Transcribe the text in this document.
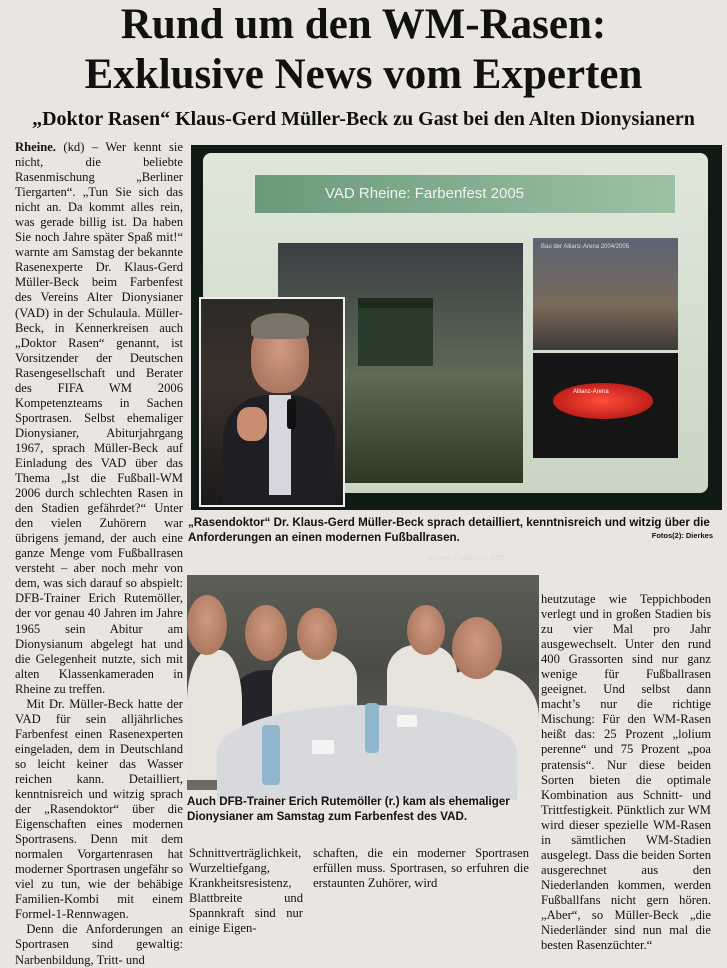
Rund um den WM-Rasen:
Exklusive News vom Experten
„Doktor Rasen“ Klaus-Gerd Müller-Beck zu Gast bei den Alten Dionysianern

Rheine. (kd) – Wer kennt sie nicht, die beliebte Rasenmischung „Berliner Tiergarten“. „Tun Sie sich das nicht an. Da kommt alles rein, was gerade billig ist. Da haben Sie noch Jahre später Spaß mit!“ warnte am Samstag der bekannte Rasenexperte Dr. Klaus-Gerd Müller-Beck beim Farbenfest des Vereins Alter Dionysianer (VAD) in der Schulaula. Müller-Beck, in Kennerkreisen auch „Doktor Rasen“ genannt, ist Vorsitzender der Deutschen Rasengesellschaft und Berater des FIFA WM 2006 Kompetenzteams in Sachen Sportrasen. Selbst ehemaliger Dionysianer, Abiturjahrgang 1967, sprach Müller-Beck auf Einladung des VAD über das Thema „Ist die Fußball-WM 2006 durch schlechten Rasen in den Stadien gefährdet?“ Unter den vielen Zuhörern war übrigens jemand, der auch eine ganze Menge vom Fußballrasen versteht – aber noch mehr von dem, was sich darauf so abspielt: DFB-Trainer Erich Rutemöller, der vor genau 40 Jahren im Jahre 1965 sein Abitur am Dionysianum abgelegt hat und die Gelegenheit nutzte, sich mit alten Klassenkameraden in Rheine zu treffen.

Mit Dr. Müller-Beck hatte der VAD für sein alljährliches Farbenfest einen Rasenexperten eingeladen, dem in Deutschland so leicht keiner das Wasser reichen kann. Detailliert, kenntnisreich und witzig sprach der „Rasendoktor“ über die Eigenschaften eines modernen Sportrasens. Denn mit dem normalen Vorgartenrasen hat moderner Sportrasen ungefähr so viel zu tun, wie der behäbige Familien-Kombi mit einem Formel-1-Rennwagen.

Denn die Anforderungen an Sportrasen sind gewaltig: Narbenbildung, Tritt- und

VAD Rheine: Farbenfest 2005
Rheine, Farbenfest 2005
Bau der Allianz-Arena 2004/2005
Allianz-Arena

„Rasendoktor“ Dr. Klaus-Gerd Müller-Beck sprach detailliert, kenntnisreich und witzig über die Anforderungen an einen modernen Fußballrasen.	Fotos(2): Dierkes

Auch DFB-Trainer Erich Rutemöller (r.) kam als ehemaliger Dionysianer am Samstag zum Farbenfest des VAD.

Schnittverträglichkeit, Wurzeltiefgang, Krankheitsresistenz, Blattbreite und Spannkraft sind nur einige Eigen-
schaften, die ein moderner Sportrasen erfüllen muss. Sportrasen, so erfuhren die erstaunten Zuhörer, wird

heutzutage wie Teppichboden verlegt und in großen Stadien bis zu vier Mal pro Jahr ausgewechselt. Unter den rund 400 Grassorten sind nur ganz wenige für Fußballrasen geeignet. Und selbst dann macht’s nur die richtige Mischung: Für den WM-Rasen heißt das: 25 Prozent „lolium perenne“ und 75 Prozent „poa pratensis“. Nur diese beiden Sorten bieten die optimale Kombination aus Schnitt- und Trittfestigkeit. Pünktlich zur WM wird dieser spezielle WM-Rasen in sämtlichen WM-Stadien ausgelegt. Dass die beiden Sorten ausgerechnet aus den Niederlanden kommen, werden Fußballfans nicht gern hören. „Aber“, so Müller-Beck „die Niederländer sind nun mal die besten Rasenzüchter.“
